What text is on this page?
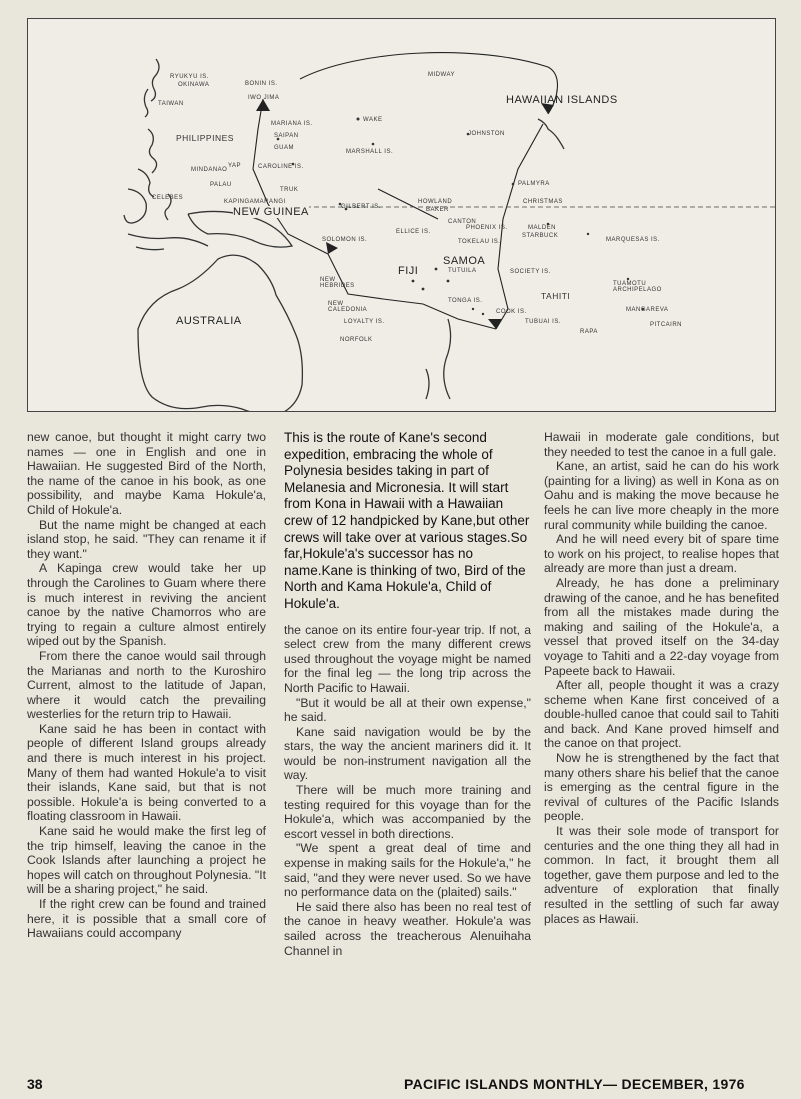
RYUKYU IS.
OKINAWA
TAIWAN
BONIN IS.
IWO JIMA
MIDWAY
HAWAIIAN ISLANDS
PHILIPPINES
MARIANA IS.
SAIPAN
GUAM
WAKE
MARSHALL IS.
JOHNSTON
MINDANAO
YAP	CAROLINE IS.
PALAU	PALMYRA
CELEBES
KAPINGAMARANGI
TRUK
NEW GUINEA	GILBERT IS.
HOWLAND
BAKER
CHRISTMAS
CANTON
PHOENIX IS.	MALDEN
STARBUCK
MARQUESAS IS.
SOLOMON IS.
ELLICE IS.
TOKELAU IS.
SAMOA
TUTUILA
FIJI
NEW HEBRIDES
SOCIETY IS.
TUAMOTU ARCHIPELAGO
TAHITI
TONGA IS.
NEW CALEDONIA	COOK IS.
AUSTRALIA	LOYALTY IS.	TUBUAI IS.
MANGAREVA
RAPA
PITCAIRN
NORFOLK

new canoe, but thought it might carry two names — one in English and one in Hawaiian. He suggested Bird of the North, the name of the canoe in his book, as one possibility, and maybe Kama Hokule'a, Child of Hokule'a.

But the name might be changed at each island stop, he said. "They can rename it if they want."

A Kapinga crew would take her up through the Carolines to Guam where there is much interest in reviving the ancient canoe by the native Chamorros who are trying to regain a culture almost entirely wiped out by the Spanish.

From there the canoe would sail through the Marianas and north to the Kuroshiro Current, almost to the latitude of Japan, where it would catch the prevailing westerlies for the return trip to Hawaii.

Kane said he has been in contact with people of different Island groups already and there is much interest in his project. Many of them had wanted Hokule'a to visit their islands, Kane said, but that is not possible. Hokule'a is being converted to a floating classroom in Hawaii.

Kane said he would make the first leg of the trip himself, leaving the canoe in the Cook Islands after launching a project he hopes will catch on throughout Polynesia. "It will be a sharing project," he said.

If the right crew can be found and trained here, it is possible that a small core of Hawaiians could accompany

This is the route of Kane's second expedition, embracing the whole of Polynesia besides taking in part of Melanesia and Micronesia. It will start from Kona in Hawaii with a Hawaiian crew of 12 handpicked by Kane,but other crews will take over at various stages.So far,Hokule'a's successor has no name.Kane is thinking of two, Bird of the North and Kama Hokule'a, Child of Hokule'a.

the canoe on its entire four-year trip. If not, a select crew from the many different crews used throughout the voyage might be named for the final leg — the long trip across the North Pacific to Hawaii.

"But it would be all at their own expense," he said.

Kane said navigation would be by the stars, the way the ancient mariners did it. It would be non-instrument navigation all the way.

There will be much more training and testing required for this voyage than for the Hokule'a, which was accompanied by the escort vessel in both directions.

"We spent a great deal of time and expense in making sails for the Hokule'a," he said, "and they were never used. So we have no performance data on the (plaited) sails."

He said there also has been no real test of the canoe in heavy weather. Hokule'a was sailed across the treacherous Alenuihaha Channel in

Hawaii in moderate gale conditions, but they needed to test the canoe in a full gale.

Kane, an artist, said he can do his work (painting for a living) as well in Kona as on Oahu and is making the move because he feels he can live more cheaply in the more rural community while building the canoe.

And he will need every bit of spare time to work on his project, to realise hopes that already are more than just a dream.

Already, he has done a preliminary drawing of the canoe, and he has benefited from all the mistakes made during the making and sailing of the Hokule'a, a vessel that proved itself on the 34-day voyage to Tahiti and a 22-day voyage from Papeete back to Hawaii.

After all, people thought it was a crazy scheme when Kane first conceived of a double-hulled canoe that could sail to Tahiti and back. And Kane proved himself and the canoe on that project.

Now he is strengthened by the fact that many others share his belief that the canoe is emerging as the central figure in the revival of cultures of the Pacific Islands people.

It was their sole mode of transport for centuries and the one thing they all had in common. In fact, it brought them all together, gave them purpose and led to the adventure of exploration that finally resulted in the settling of such far away places as Hawaii.

38	PACIFIC ISLANDS MONTHLY— DECEMBER, 1976
